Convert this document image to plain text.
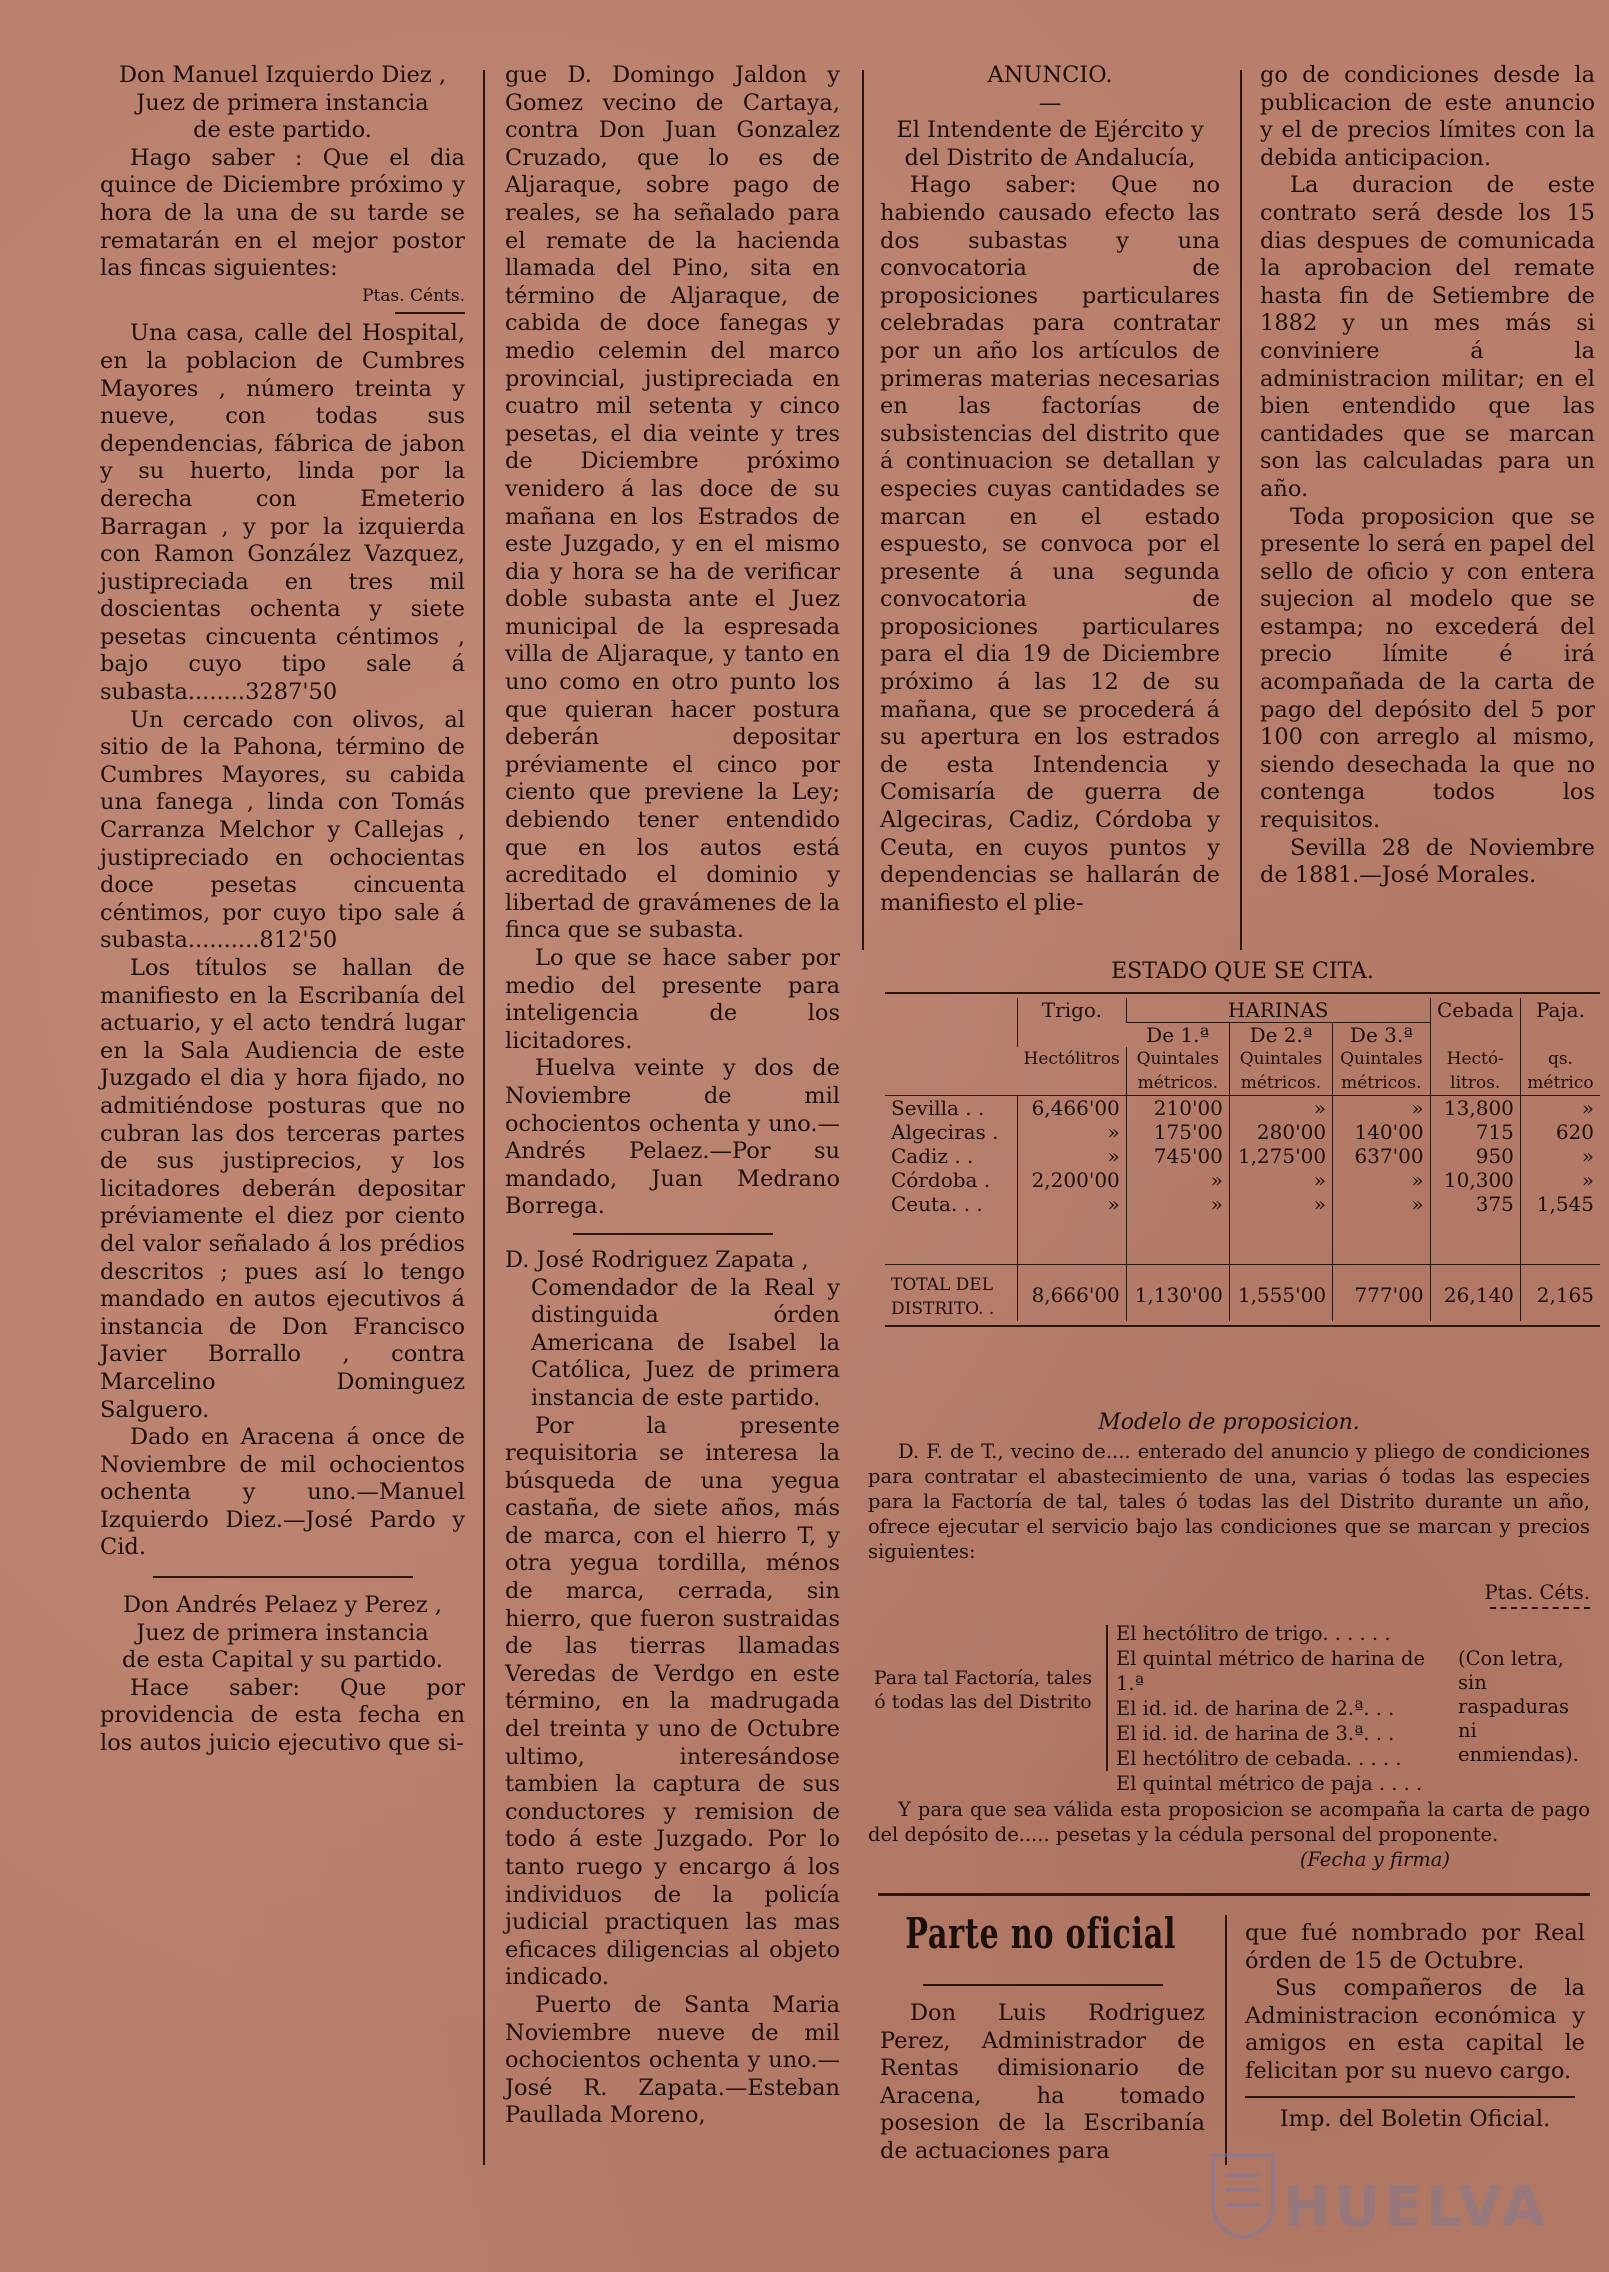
Don Manuel Izquierdo Diez ,

Juez de primera instancia

de este partido.

Hago saber : Que el dia quince de Diciembre próximo y hora de la una de su tarde se rematarán en el mejor postor las fincas siguientes:

Ptas. Cénts.

Una casa, calle del Hospital, en la poblacion de Cumbres Mayores , número treinta y nueve, con todas sus dependencias, fábrica de jabon y su huerto, linda por la derecha con Emeterio Barragan , y por la izquierda con Ramon González Vazquez, justipreciada en tres mil doscientas ochenta y siete pesetas cincuenta céntimos , bajo cuyo tipo sale á subasta........3287'50

Un cercado con olivos, al sitio de la Pahona, término de Cumbres Mayores, su cabida una fanega , linda con Tomás Carranza Melchor y Callejas , justipreciado en ochocientas doce pesetas cincuenta céntimos, por cuyo tipo sale á subasta..........812'50

Los títulos se hallan de manifiesto en la Escribanía del actuario, y el acto tendrá lugar en la Sala Audiencia de este Juzgado el dia y hora fijado, no admitiéndose posturas que no cubran las dos terceras partes de sus justiprecios, y los licitadores deberán depositar préviamente el diez por ciento del valor señalado á los prédios descritos ; pues así lo tengo mandado en autos ejecutivos á instancia de Don Francisco Javier Borrallo , contra Marcelino Dominguez Salguero.

Dado en Aracena á once de Noviembre de mil ochocientos ochenta y uno.—Manuel Izquierdo Diez.—José Pardo y Cid.

Don Andrés Pelaez y Perez ,

Juez de primera instancia

de esta Capital y su partido.

Hace saber: Que por providencia de esta fecha en los autos juicio ejecutivo que si-

gue D. Domingo Jaldon y Gomez vecino de Cartaya, contra Don Juan Gonzalez Cruzado, que lo es de Aljaraque, sobre pago de reales, se ha señalado para el remate de la hacienda llamada del Pino, sita en término de Aljaraque, de cabida de doce fanegas y medio celemin del marco provincial, justipreciada en cuatro mil setenta y cinco pesetas, el dia veinte y tres de Diciembre próximo venidero á las doce de su mañana en los Estrados de este Juzgado, y en el mismo dia y hora se ha de verificar doble subasta ante el Juez municipal de la espresada villa de Aljaraque, y tanto en uno como en otro punto los que quieran hacer postura deberán depositar préviamente el cinco por ciento que previene la Ley; debiendo tener entendido que en los autos está acreditado el dominio y libertad de gravámenes de la finca que se subasta.

Lo que se hace saber por medio del presente para inteligencia de los licitadores.

Huelva veinte y dos de Noviembre de mil ochocientos ochenta y uno.—Andrés Pelaez.—Por su mandado, Juan Medrano Borrega.

D. José Rodriguez Zapata ,

Comendador de la Real y distinguida órden Americana de Isabel la Católica, Juez de primera instancia de este partido.

Por la presente requisitoria se interesa la búsqueda de una yegua castaña, de siete años, más de marca, con el hierro T, y otra yegua tordilla, ménos de marca, cerrada, sin hierro, que fueron sustraidas de las tierras llamadas Veredas de Verdgo en este término, en la madrugada del treinta y uno de Octubre ultimo, interesándose tambien la captura de sus conductores y remision de todo á este Juzgado. Por lo tanto ruego y encargo á los individuos de la policía judicial practiquen las mas eficaces diligencias al objeto indicado.

Puerto de Santa Maria Noviembre nueve de mil ochocientos ochenta y uno.—José R. Zapata.—Esteban Paullada Moreno,

ANUNCIO.

—

El Intendente de Ejército y

del Distrito de Andalucía,

Hago saber: Que no habiendo causado efecto las dos subastas y una convocatoria de proposiciones particulares celebradas para contratar por un año los artículos de primeras materias necesarias en las factorías de subsistencias del distrito que á continuacion se detallan y especies cuyas cantidades se marcan en el estado espuesto, se convoca por el presente á una segunda convocatoria de proposiciones particulares para el dia 19 de Diciembre próximo á las 12 de su mañana, que se procederá á su apertura en los estrados de esta Intendencia y Comisaría de guerra de Algeciras, Cadiz, Córdoba y Ceuta, en cuyos puntos y dependencias se hallarán de manifiesto el plie-

go de condiciones desde la publicacion de este anuncio y el de precios límites con la debida anticipacion.

La duracion de este contrato será desde los 15 dias despues de comunicada la aprobacion del remate hasta fin de Setiembre de 1882 y un mes más si conviniere á la administracion militar; en el bien entendido que las cantidades que se marcan son las calculadas para un año.

Toda proposicion que se presente lo será en papel del sello de oficio y con entera sujecion al modelo que se estampa; no excederá del precio límite é irá acompañada de la carta de pago del depósito del 5 por 100 con arreglo al mismo, siendo desechada la que no contenga todos los requisitos.

Sevilla 28 de Noviembre de 1881.—José Morales.

ESTADO QUE SE CITA.

	Trigo.	HARINAS			Cebada	Paja.
		De 1.ª	De 2.ª	De 3.ª		
	Hectólitros	Quintales métricos.	Quintales métricos.	Quintales métricos.	Hectó-litros.	qs. métrico
Sevilla . .	6,466'00	210'00	»	»	13,800	»
Algeciras .	»	175'00	280'00	140'00	715	620
Cadiz . .	»	745'00	1,275'00	637'00	950	»
Córdoba .	2,200'00	»	»	»	10,300	»
Ceuta. . .	»	»	»	»	375	1,545
TOTAL DEL DISTRITO. .	8,666'00	1,130'00	1,555'00	777'00	26,140	2,165

Modelo de proposicion.

D. F. de T., vecino de.... enterado del anuncio y pliego de condiciones para contratar el abastecimiento de una, varias ó todas las especies para la Factoría de tal, tales ó todas las del Distrito durante un año, ofrece ejecutar el servicio bajo las condiciones que se marcan y precios siguientes:

Ptas. Céts.

Para tal Factoría, tales ó todas las del Distrito
El hectólitro de trigo. . . . . .
El quintal métrico de harina de 1.ª
El id. id. de harina de 2.ª. . .
El id. id. de harina de 3.ª. . .
El hectólitro de cebada. . . . .
El quintal métrico de paja . . . .
(Con letra, sin
raspaduras ni
enmiendas).

Y para que sea válida esta proposicion se acompaña la carta de pago del depósito de..... pesetas y la cédula personal del proponente.

(Fecha y firma)

Parte no oficial

Don Luis Rodriguez Perez, Administrador de Rentas dimisionario de Aracena, ha tomado posesion de la Escribanía de actuaciones para

que fué nombrado por Real órden de 15 de Octubre.

Sus compañeros de la Administracion económica y amigos en esta capital le felicitan por su nuevo cargo.

Imp. del Boletin Oficial.

HUELVA
